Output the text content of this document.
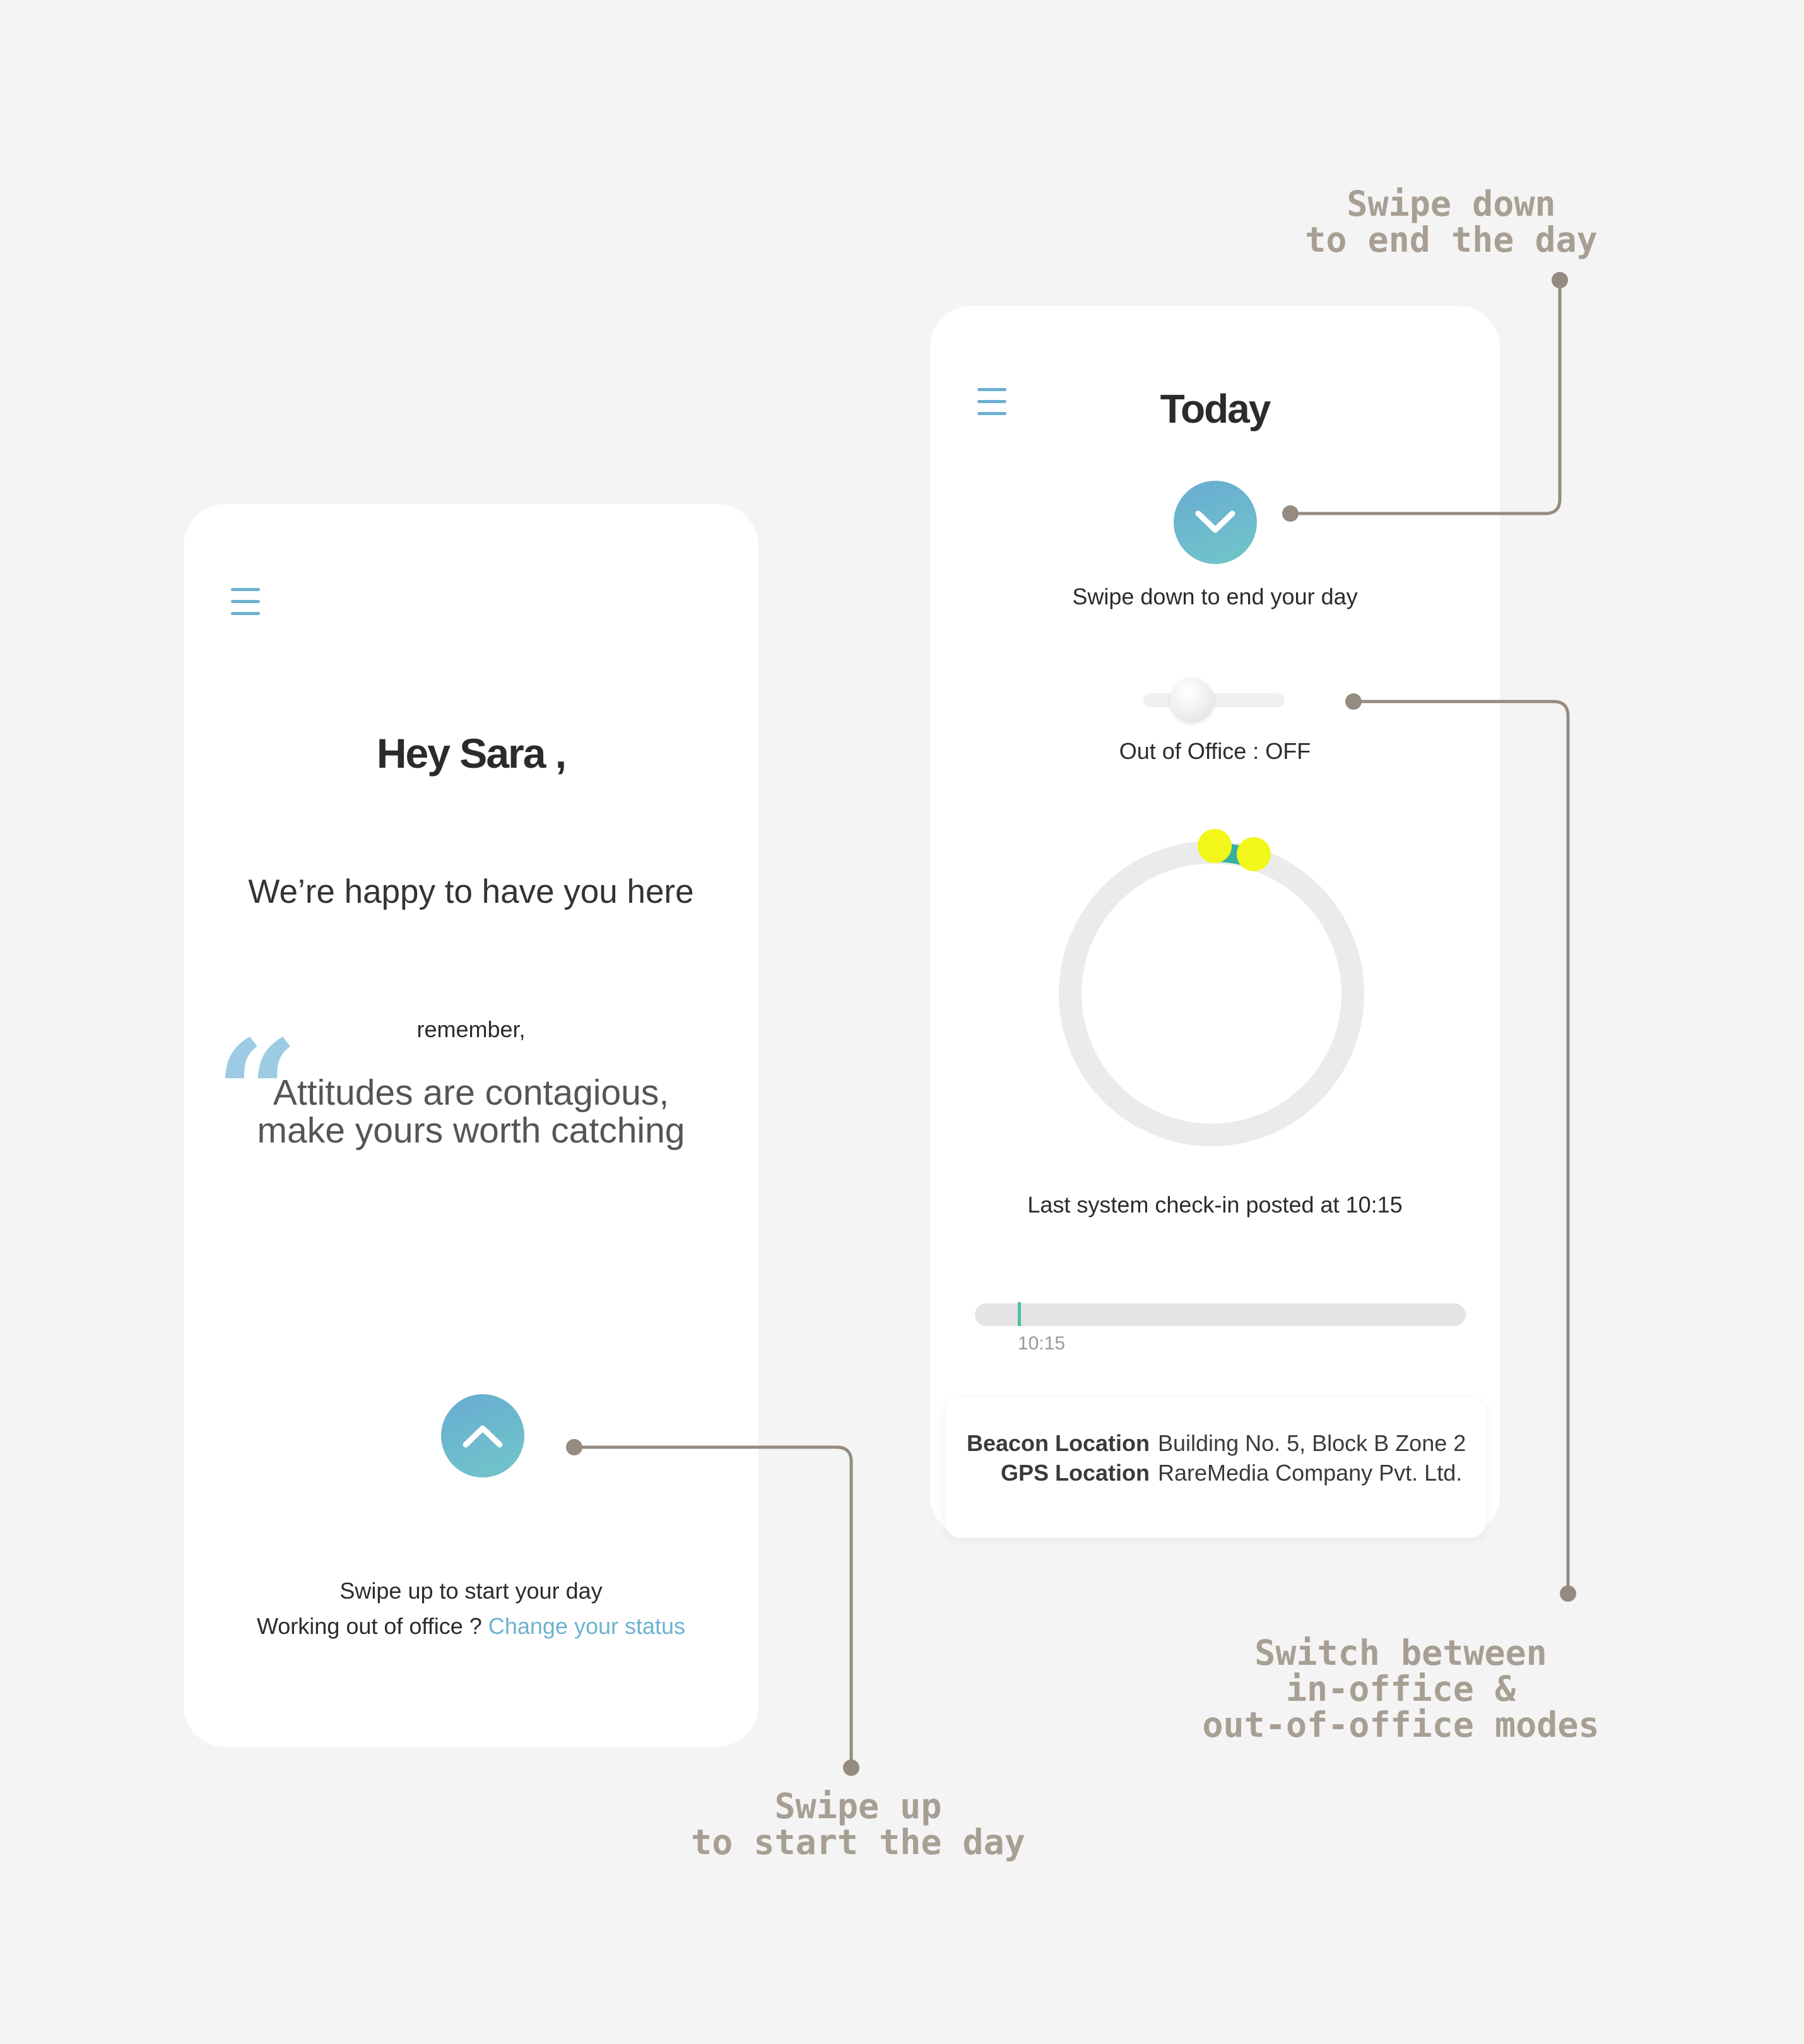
Hey Sara ,
We’re happy to have you here
remember,
“
Attitudes are contagious,
make yours worth catching
Swipe up to start your day
Working out of office ? Change your status
Today
Swipe down to end your day
Out of Office : OFF
Last system check-in posted at 10:15
10:15
Beacon Location Building No. 5, Block B Zone 2
GPS Location RareMedia Company Pvt. Ltd.
Swipe down
to end the day
Switch between
in-office &
out-of-office modes
Swipe up
to start the day
